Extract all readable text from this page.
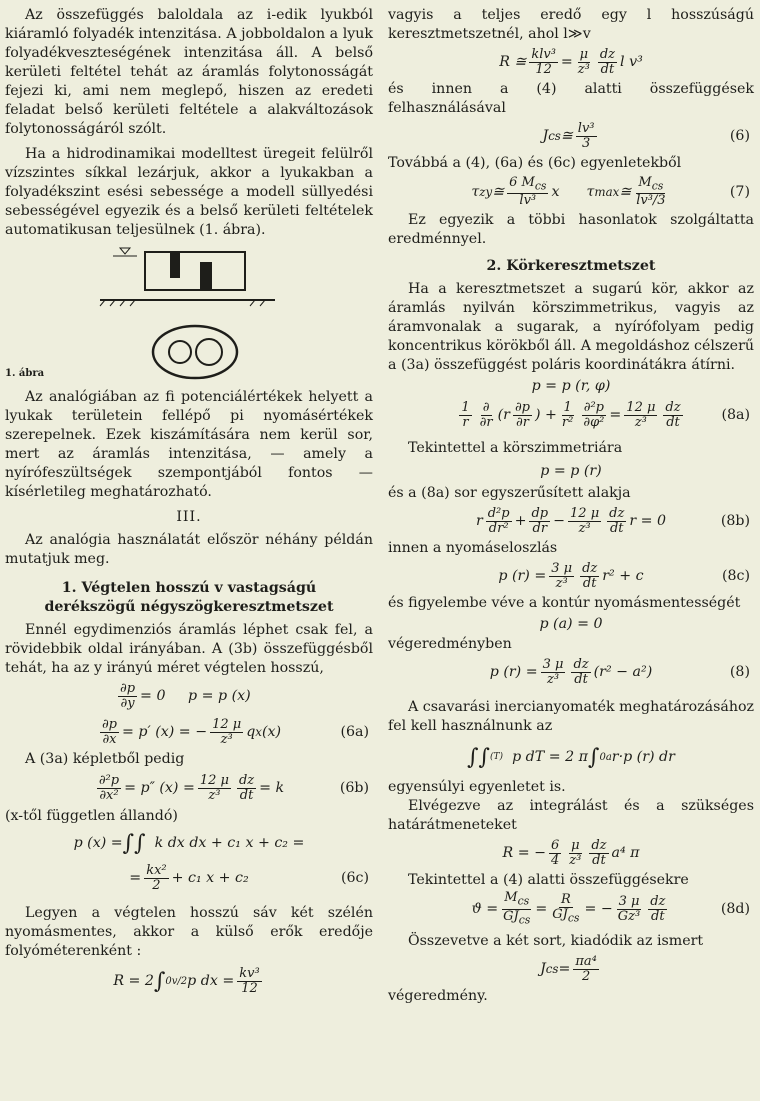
Az összefüggés baloldala az i-edik lyukból kiáramló folyadék intenzitása. A jobboldalon a lyuk folyadékveszteségének intenzitása áll. A belső kerületi feltétel tehát az áramlás folytonosságát fejezi ki, ami nem meglepő, hiszen az eredeti feladat belső kerületi feltétele a alakváltozások folytonosságáról szólt.

Ha a hidrodinamikai modelltest üregeit felülről vízszintes síkkal lezárjuk, akkor a lyukakban a folyadékszint esési sebessége a modell süllyedési sebességével egyezik és a belső kerületi feltételek automatikusan teljesülnek (1. ábra).

1. ábra

Az analógiában az fi potenciálértékek helyett a lyukak területein fellépő pi nyomásértékek szerepelnek. Ezek kiszámítására nem kerül sor, mert az áramlás intenzitása, — amely a nyírófeszültségek szempontjából fontos — kísérletileg meghatározható.

III.

Az analógia használatát először néhány példán mutatjuk meg.

1. Végtelen hosszú v vastagságú
derékszögű négyszögkeresztmetszet

Ennél egydimenziós áramlás léphet csak fel, a rövidebbik oldal irányában. A (3b) összefüggésből tehát, ha az y irányú méret végtelen hosszú,

$\frac{\partial p}{\partial y} = 0$     p = p (x)
$\frac{\partial p}{\partial x} = p'$ (x) = − $\frac{12 \mu}{\text{z³}}$ q x (x)	(6a)

A (3a) képletből pedig

$\frac{\text{∂²p}}{\text{∂x²}} = p''$ $(x) = \frac{12 \mu}{\text{z³}} \frac{dz}{dt} = k$	(6b)

(x-től független állandó)

p (x) = ∫∫ k dx dx + c₁ x + c₂ =
= $\frac{\text{kx²}}{2} + c_1$ x + c₂	(6c)

Legyen a végtelen hosszú sáv két szélén nyomásmentes, akkor a külső erők eredője folyóméterenként :

R = 2 ∫ 0 v/2 p dx = $\frac{\text{kv³}}{12}$

vagyis a teljes eredő egy l hosszúságú keresztmetszetnél, ahol l≫v

R ≅ $\frac{\text{klv³}}{12} = \frac{\mu}{\text{z³}} \frac{dz}{dt}$ l v³

és innen a (4) alatti összefüggések felhasználásával

J cs ≅ $\frac{\text{lv³}}{3}$	(6)

Továbbá a (4), (6a) és (6c) egyenletekből

τ zy ≅ $\frac{6 M_{cs}}{\text{lv³}}$ x      τ max ≅ $\frac{M_{cs}}{\text{lv³/3}}$	(7)

Ez egyezik a többi hasonlatok szolgáltatta eredménnyel.

2. Körkeresztmetszet

Ha a keresztmetszet a sugarú kör, akkor az áramlás nyilván körszimmetrikus, vagyis az áramvonalak a sugarak, a nyírófolyam pedig koncentrikus körökből áll. A megoldáshoz célszerű a (3a) összefüggést poláris koordinátákra átírni.

p = p (r, φ)
$\frac{1}{r} \frac{\partial}{\partial r} (r \frac{\partial p}{\partial r}$ ) + $\frac{1}{\text{r²}} \frac{\text{∂²p}}{\text{∂φ²}} = \frac{12 \mu}{\text{z³}} \frac{dz}{dt}$	(8a)

Tekintettel a körszimmetriára

p = p (r)

és a (8a) sor egyszerűsített alakja

r $\frac{\text{d²p}}{\text{dr²}} + \frac{dp}{dr} - \frac{12 \mu}{\text{z³}} \frac{dz}{dt}$ r = 0	(8b)

innen a nyomáseloszlás

p $(r) = \frac{3 \mu}{\text{z³}} \frac{dz}{dt} r^2 + c$	(8c)

és figyelembe véve a kontúr nyomásmentességét

p (a) = 0

végeredményben

p $(r) = \frac{3 \mu}{\text{z³}} \frac{dz}{dt} (r^2 - a^2)$	(8)

A csavarási inercianyomaték meghatározásához fel kell használnunk az

∫∫ (T) p dT = 2 π ∫ 0 a r·p (r) dr

egyensúlyi egyenletet is.

Elvégezve az integrálást és a szükséges határátmeneteket

R = − $\frac{6}{4} \frac{\mu}{\text{z³}} \frac{dz}{dt} a^4$ π

Tekintettel a (4) alatti összefüggésekre

$ϑ = \frac{M_{cs}}{GJ_{cs}} = \frac{R}{GJ_{cs}}$ = − $\frac{3 \mu}{\text{Gz³}} \frac{dz}{dt}$	(8d)

Összevetve a két sort, kiadódik az ismert

J cs = $\frac{\text{πa⁴}}{2}$

végeredmény.
